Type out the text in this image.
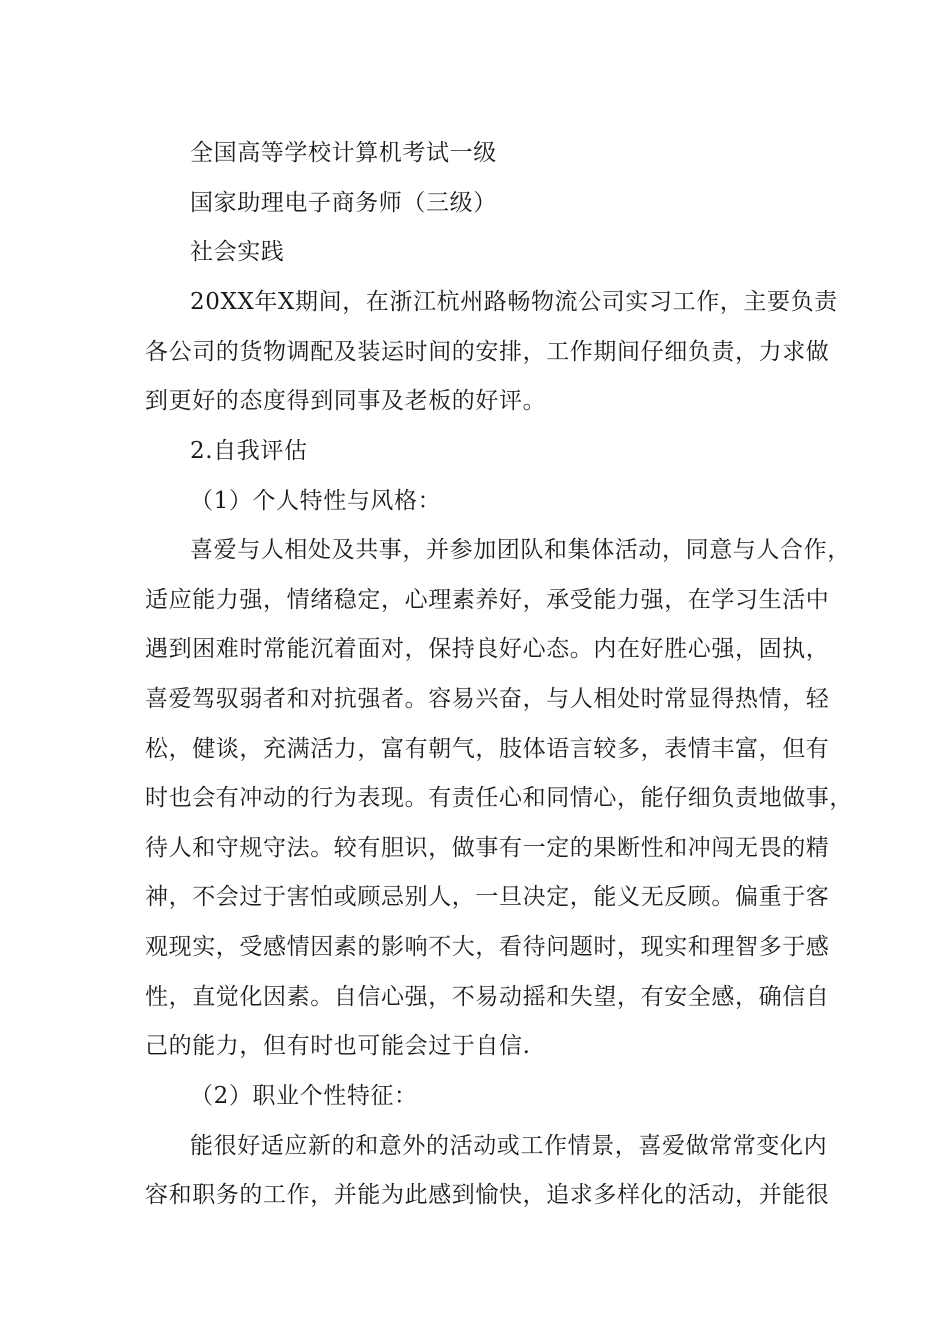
全国高等学校计算机考试一级
国家助理电子商务师（三级）
社会实践
20XX年X期间，在浙江杭州路畅物流公司实习工作，主要负责
各公司的货物调配及装运时间的安排，工作期间仔细负责，力求做
到更好的态度得到同事及老板的好评。
2.自我评估
（1）个人特性与风格：
喜爱与人相处及共事，并参加团队和集体活动，同意与人合作，
适应能力强，情绪稳定，心理素养好，承受能力强，在学习生活中
遇到困难时常能沉着面对，保持良好心态。内在好胜心强，固执，
喜爱驾驭弱者和对抗强者。容易兴奋，与人相处时常显得热情，轻
松，健谈，充满活力，富有朝气，肢体语言较多，表情丰富，但有
时也会有冲动的行为表现。有责任心和同情心，能仔细负责地做事，
待人和守规守法。较有胆识，做事有一定的果断性和冲闯无畏的精
神，不会过于害怕或顾忌别人，一旦决定，能义无反顾。偏重于客
观现实，受感情因素的影响不大，看待问题时，现实和理智多于感
性，直觉化因素。自信心强，不易动摇和失望，有安全感，确信自
己的能力，但有时也可能会过于自信.
（2）职业个性特征：
能很好适应新的和意外的活动或工作情景，喜爱做常常变化内
容和职务的工作，并能为此感到愉快，追求多样化的活动，并能很
